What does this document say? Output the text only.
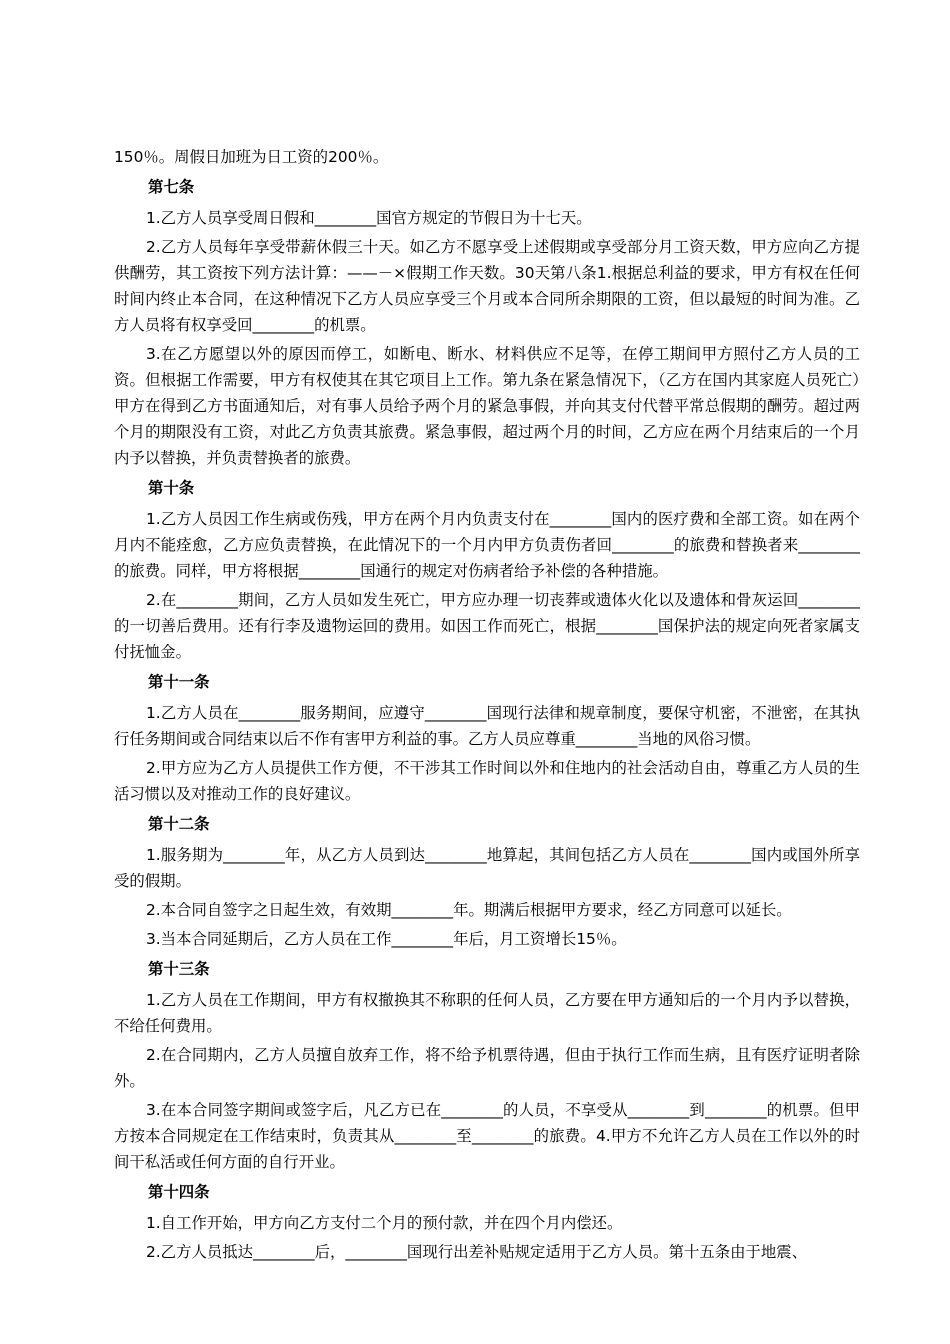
150％。周假日加班为日工资的200％。
第七条
1.乙方人员享受周日假和________国官方规定的节假日为十七天。
2.乙方人员每年享受带薪休假三十天。如乙方不愿享受上述假期或享受部分月工资天数，甲方应向乙方提供酬劳，其工资按下列方法计算：——－×假期工作天数。30天第八条1.根据总利益的要求，甲方有权在任何时间内终止本合同，在这种情况下乙方人员应享受三个月或本合同所余期限的工资，但以最短的时间为准。乙方人员将有权享受回________的机票。
3.在乙方愿望以外的原因而停工，如断电、断水、材料供应不足等，在停工期间甲方照付乙方人员的工资。但根据工作需要，甲方有权使其在其它项目上工作。第九条在紧急情况下，（乙方在国内其家庭人员死亡）甲方在得到乙方书面通知后，对有事人员给予两个月的紧急事假，并向其支付代替平常总假期的酬劳。超过两个月的期限没有工资，对此乙方负责其旅费。紧急事假，超过两个月的时间，乙方应在两个月结束后的一个月内予以替换，并负责替换者的旅费。
第十条
1.乙方人员因工作生病或伤残，甲方在两个月内负责支付在________国内的医疗费和全部工资。如在两个月内不能痊愈，乙方应负责替换，在此情况下的一个月内甲方负责伤者回________的旅费和替换者来________的旅费。同样，甲方将根据________国通行的规定对伤病者给予补偿的各种措施。
2.在________期间，乙方人员如发生死亡，甲方应办理一切丧葬或遗体火化以及遗体和骨灰运回________的一切善后费用。还有行李及遗物运回的费用。如因工作而死亡，根据________国保护法的规定向死者家属支付抚恤金。
第十一条
1.乙方人员在________服务期间，应遵守________国现行法律和规章制度，要保守机密，不泄密，在其执行任务期间或合同结束以后不作有害甲方利益的事。乙方人员应尊重________当地的风俗习惯。
2.甲方应为乙方人员提供工作方便，不干涉其工作时间以外和住地内的社会活动自由，尊重乙方人员的生活习惯以及对推动工作的良好建议。
第十二条
1.服务期为________年，从乙方人员到达________地算起，其间包括乙方人员在________国内或国外所享受的假期。
2.本合同自签字之日起生效，有效期________年。期满后根据甲方要求，经乙方同意可以延长。
3.当本合同延期后，乙方人员在工作________年后，月工资增长15％。
第十三条
1.乙方人员在工作期间，甲方有权撤换其不称职的任何人员，乙方要在甲方通知后的一个月内予以替换，不给任何费用。
2.在合同期内，乙方人员擅自放弃工作，将不给予机票待遇，但由于执行工作而生病，且有医疗证明者除外。
3.在本合同签字期间或签字后，凡乙方已在________的人员，不享受从________到________的机票。但甲方按本合同规定在工作结束时，负责其从________至________的旅费。4.甲方不允许乙方人员在工作以外的时间干私活或任何方面的自行开业。
第十四条
1.自工作开始，甲方向乙方支付二个月的预付款，并在四个月内偿还。
2.乙方人员抵达________后，________国现行出差补贴规定适用于乙方人员。第十五条由于地震、
